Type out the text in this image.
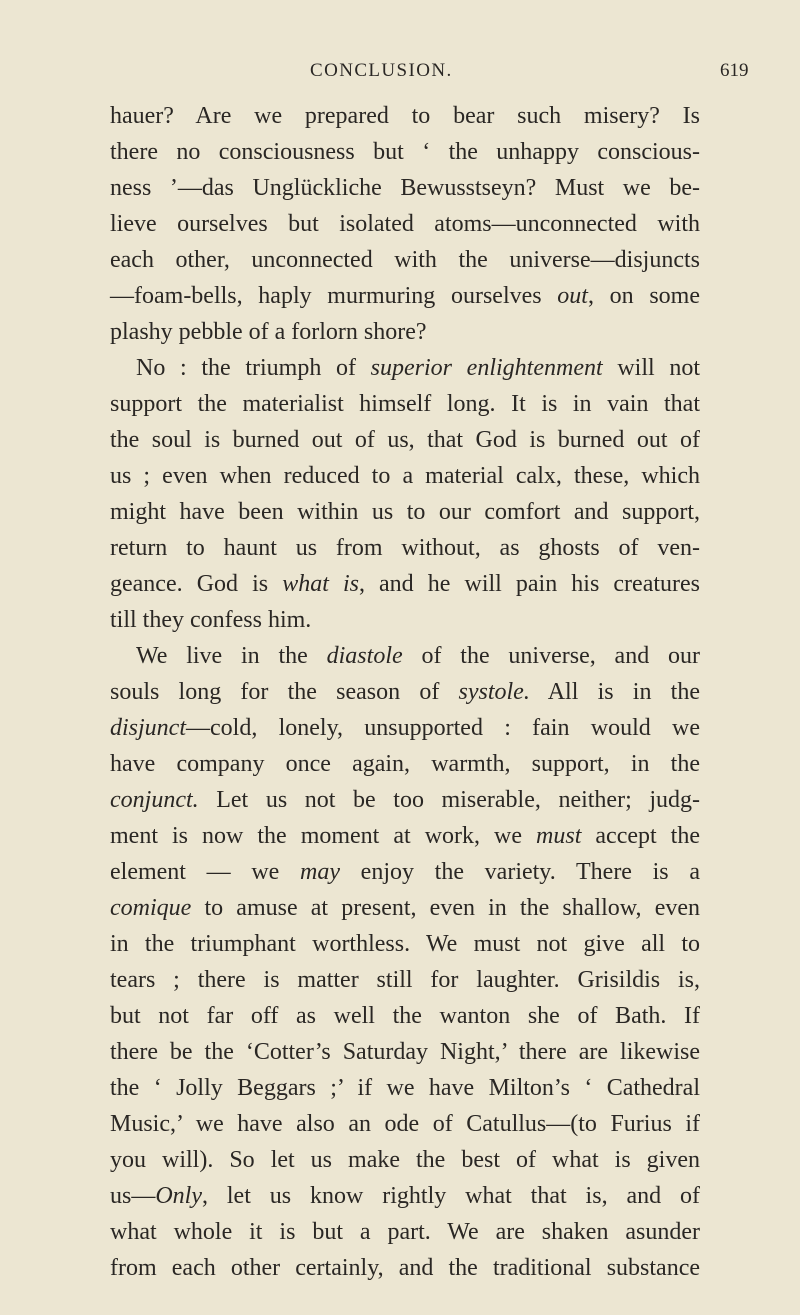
CONCLUSION.	619
hauer? Are we prepared to bear such misery? Is
there no consciousness but ‘ the unhappy conscious-
ness ’—das Unglückliche Bewusstseyn? Must we be-
lieve ourselves but isolated atoms—unconnected with
each other, unconnected with the universe—disjuncts
—foam-bells, haply murmuring ourselves out, on some
plashy pebble of a forlorn shore?
No : the triumph of superior enlightenment will not
support the materialist himself long. It is in vain that
the soul is burned out of us, that God is burned out of
us ; even when reduced to a material calx, these, which
might have been within us to our comfort and support,
return to haunt us from without, as ghosts of ven-
geance. God is what is, and he will pain his creatures
till they confess him.
We live in the diastole of the universe, and our
souls long for the season of systole. All is in the
disjunct—cold, lonely, unsupported : fain would we
have company once again, warmth, support, in the
conjunct. Let us not be too miserable, neither; judg-
ment is now the moment at work, we must accept the
element — we may enjoy the variety. There is a
comique to amuse at present, even in the shallow, even
in the triumphant worthless. We must not give all to
tears ; there is matter still for laughter. Grisildis is,
but not far off as well the wanton she of Bath. If
there be the ‘Cotter’s Saturday Night,’ there are likewise
the ‘ Jolly Beggars ;’ if we have Milton’s ‘ Cathedral
Music,’ we have also an ode of Catullus—(to Furius if
you will). So let us make the best of what is given
us—Only, let us know rightly what that is, and of
what whole it is but a part. We are shaken asunder
from each other certainly, and the traditional substance
